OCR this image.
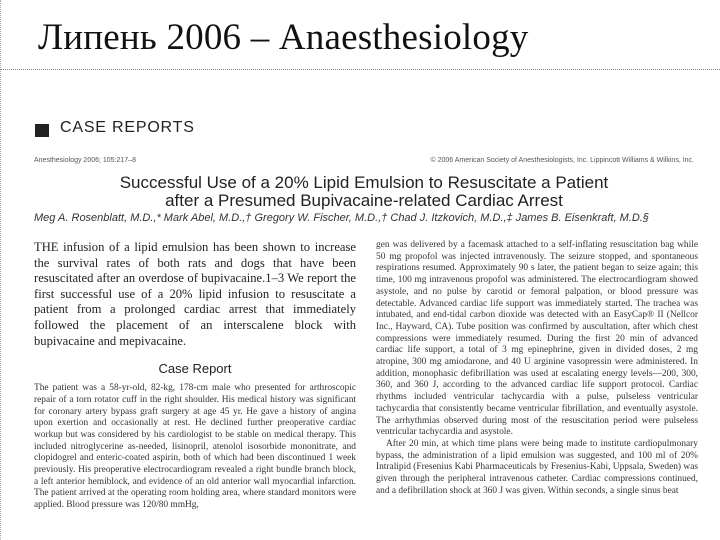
Липень 2006 – Anaesthesiology
CASE REPORTS
Anesthesiology 2006; 105:217–8	© 2006 American Society of Anesthesiologists, Inc. Lippincott Williams & Wilkins, Inc.
Successful Use of a 20% Lipid Emulsion to Resuscitate a Patient
after a Presumed Bupivacaine-related Cardiac Arrest
Meg A. Rosenblatt, M.D.,* Mark Abel, M.D.,† Gregory W. Fischer, M.D.,† Chad J. Itzkovich, M.D.,‡ James B. Eisenkraft, M.D.§

THE infusion of a lipid emulsion has been shown to increase the survival rates of both rats and dogs that have been resuscitated after an overdose of bupivacaine.1–3 We report the first successful use of a 20% lipid infusion to resuscitate a patient from a prolonged cardiac arrest that immediately followed the placement of an interscalene block with bupivacaine and mepivacaine.

Case Report

The patient was a 58-yr-old, 82-kg, 178-cm male who presented for arthroscopic repair of a torn rotator cuff in the right shoulder. His medical history was significant for coronary artery bypass graft surgery at age 45 yr. He gave a history of angina upon exertion and occasionally at rest. He declined further preoperative cardiac workup but was considered by his cardiologist to be stable on medical therapy. This included nitroglycerine as-needed, lisinopril, atenolol isosorbide mononitrate, and clopidogrel and enteric-coated aspirin, both of which had been discontinued 1 week previously. His preoperative electrocardiogram revealed a right bundle branch block, a left anterior hemiblock, and evidence of an old anterior wall myocardial infarction. The patient arrived at the operating room holding area, where standard monitors were applied. Blood pressure was 120/80 mmHg,

gen was delivered by a facemask attached to a self-inflating resuscitation bag while 50 mg propofol was injected intravenously. The seizure stopped, and spontaneous respirations resumed. Approximately 90 s later, the patient began to seize again; this time, 100 mg intravenous propofol was administered. The electrocardiogram showed asystole, and no pulse by carotid or femoral palpation, or blood pressure was detectable. Advanced cardiac life support was immediately started. The trachea was intubated, and end-tidal carbon dioxide was detected with an EasyCap® II (Nellcor Inc., Hayward, CA). Tube position was confirmed by auscultation, after which chest compressions were immediately resumed. During the first 20 min of advanced cardiac life support, a total of 3 mg epinephrine, given in divided doses, 2 mg atropine, 300 mg amiodarone, and 40 U arginine vasopressin were administered. In addition, monophasic defibrillation was used at escalating energy levels—200, 300, 360, and 360 J, according to the advanced cardiac life support protocol. Cardiac rhythms included ventricular tachycardia with a pulse, pulseless ventricular tachycardia that consistently became ventricular fibrillation, and eventually asystole. The arrhythmias observed during most of the resuscitation period were pulseless ventricular tachycardia and asystole.

After 20 min, at which time plans were being made to institute cardiopulmonary bypass, the administration of a lipid emulsion was suggested, and 100 ml of 20% Intralipid (Fresenius Kabi Pharmaceuticals by Fresenius-Kabi, Uppsala, Sweden) was given through the peripheral intravenous catheter. Cardiac compressions continued, and a defibrillation shock at 360 J was given. Within seconds, a single sinus beat
